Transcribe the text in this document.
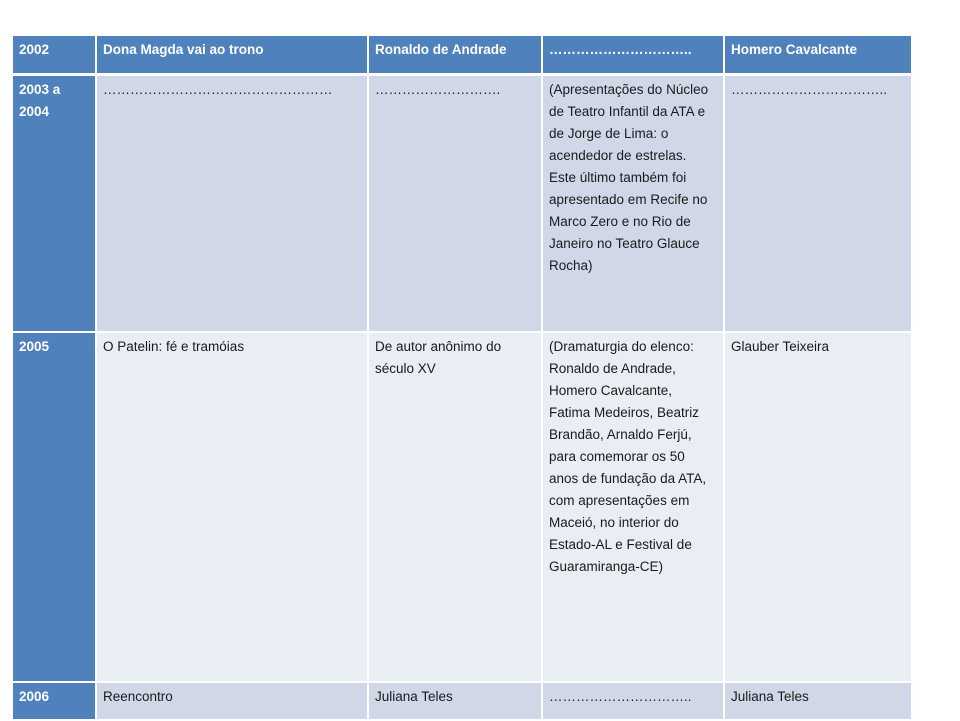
2002	Dona Magda vai ao trono	Ronaldo de Andrade	…………………………..	Homero Cavalcante
2003 a 2004	……………………………………………	……………………….	(Apresentações do Núcleo de Teatro Infantil da ATA e de Jorge de Lima: o acendedor de estrelas. Este último também foi apresentado em Recife no Marco Zero e no Rio de Janeiro no Teatro Glauce Rocha)	……………………………..
2005	O Patelin: fé e tramóias	De autor anônimo do século XV	(Dramaturgia do elenco: Ronaldo de Andrade, Homero Cavalcante, Fatima Medeiros, Beatriz Brandão, Arnaldo Ferjú, para comemorar os 50 anos de fundação da ATA, com apresentações em Maceió, no interior do Estado-AL e Festival de Guaramiranga-CE)	Glauber Teixeira
2006	Reencontro	Juliana Teles	…………………………..	Juliana Teles
